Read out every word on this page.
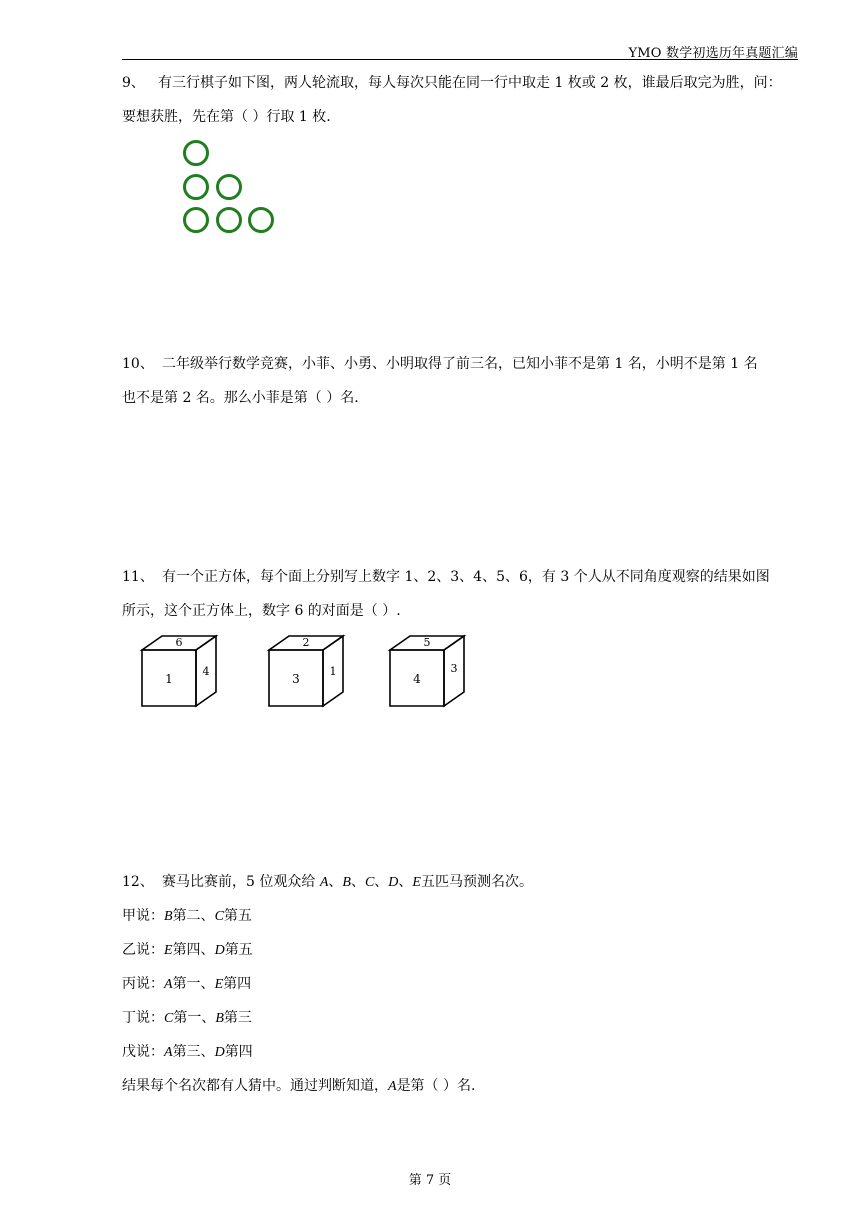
YMO 数学初选历年真题汇编
9、 有三行棋子如下图，两人轮流取，每人每次只能在同一行中取走 1 枚或 2 枚，谁最后取完为胜，问：
要想获胜，先在第（ ）行取 1 枚.
10、 二年级举行数学竞赛，小菲、小勇、小明取得了前三名，已知小菲不是第 1 名，小明不是第 1 名
也不是第 2 名。那么小菲是第（ ）名.
11、 有一个正方体，每个面上分别写上数字 1、2、3、4、5、6，有 3 个人从不同角度观察的结果如图
所示，这个正方体上，数字 6 的对面是（ ）.
6
1
4
2
3
1
5
4
3
12、 赛马比赛前，5 位观众给 A、B、C、D、E五匹马预测名次。
甲说：B第二、C第五
乙说：E第四、D第五
丙说：A第一、E第四
丁说：C第一、B第三
戊说：A第三、D第四
结果每个名次都有人猜中。通过判断知道，A是第（ ）名.
第 7 页
